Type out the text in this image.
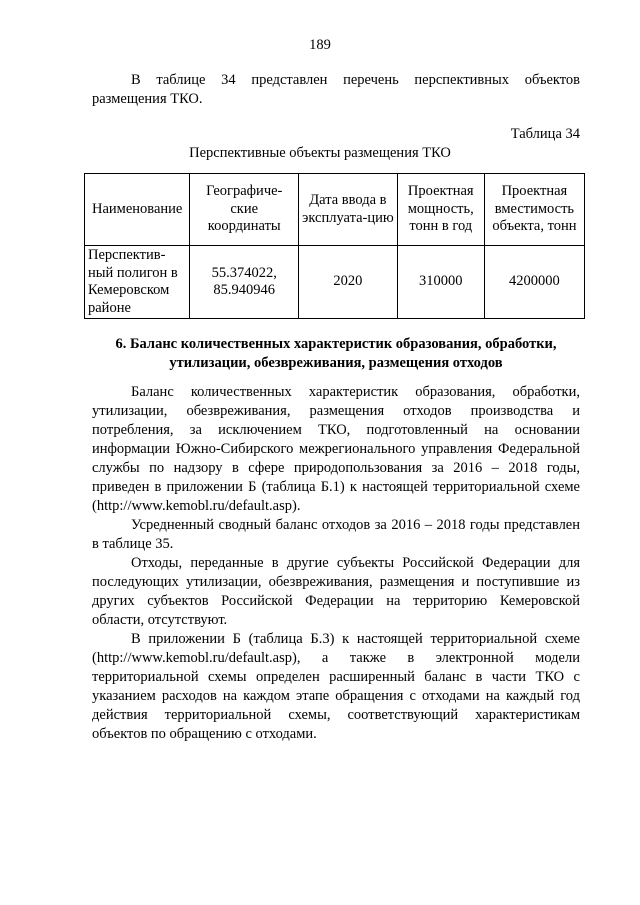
189
В таблице 34 представлен перечень перспективных объектов размещения ТКО.
Таблица 34
Перспективные объекты размещения ТКО
Наименование	Географиче-ские координаты	Дата ввода в эксплуата-цию	Проектная мощность, тонн в год	Проектная вместимость объекта, тонн
Перспектив-ный полигон в Кемеровском районе	55.374022, 85.940946	2020	310000	4200000
6. Баланс количественных характеристик образования, обработки, утилизации, обезвреживания, размещения отходов

Баланс количественных характеристик образования, обработки, утилизации, обезвреживания, размещения отходов производства и потребления, за исключением ТКО, подготовленный на основании информации Южно-Сибирского межрегионального управления Федеральной службы по надзору в сфере природопользования за 2016 – 2018 годы, приведен в приложении Б (таблица Б.1) к настоящей территориальной схеме (http://www.kemobl.ru/default.asp).

Усредненный сводный баланс отходов за 2016 – 2018 годы представлен в таблице 35.

Отходы, переданные в другие субъекты Российской Федерации для последующих утилизации, обезвреживания, размещения и поступившие из других субъектов Российской Федерации на территорию Кемеровской области, отсутствуют.

В приложении Б (таблица Б.3) к настоящей территориальной схеме (http://www.kemobl.ru/default.asp), а также в электронной модели территориальной схемы определен расширенный баланс в части ТКО с указанием расходов на каждом этапе обращения с отходами на каждый год действия территориальной схемы, соответствующий характеристикам объектов по обращению с отходами.
